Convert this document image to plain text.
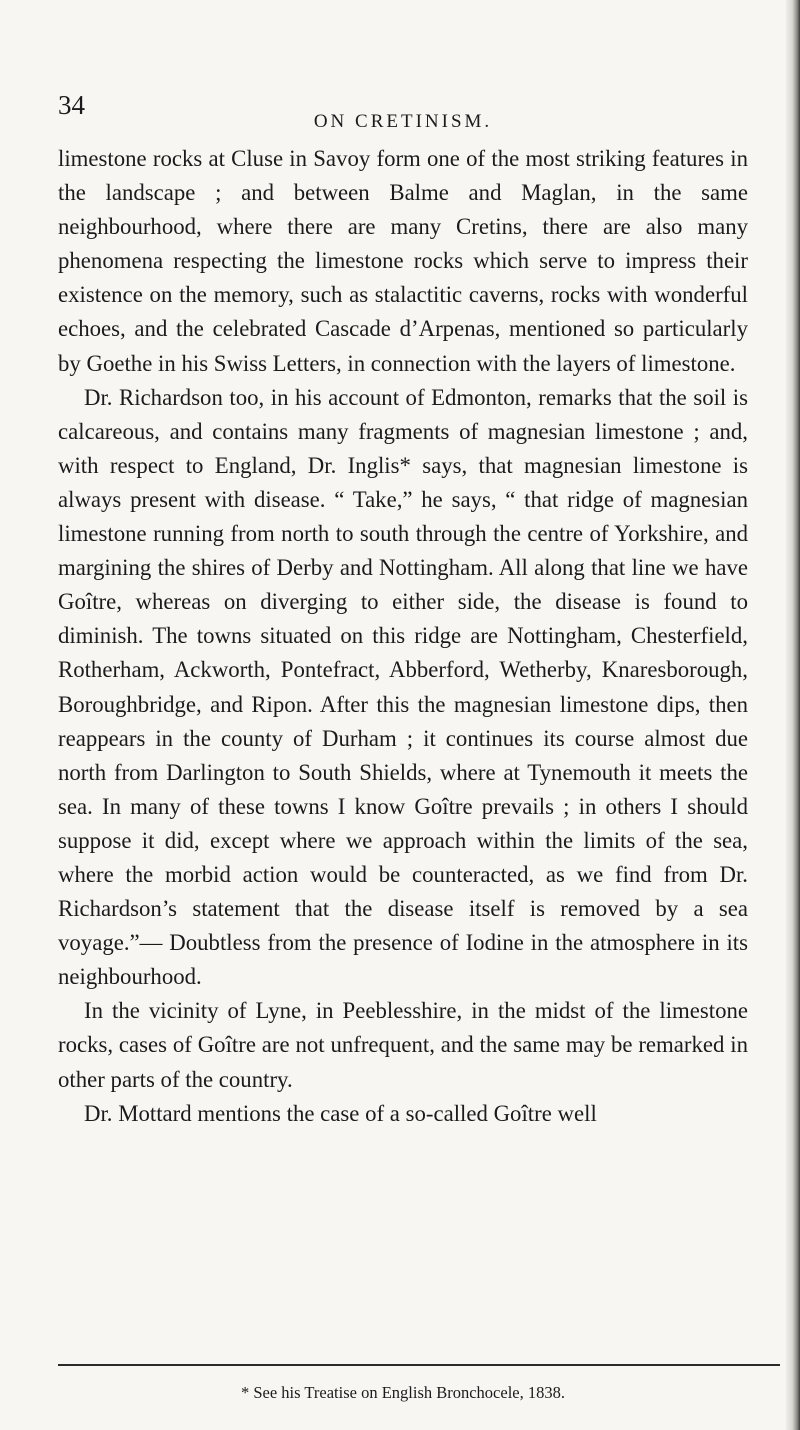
34
ON CRETINISM.

limestone rocks at Cluse in Savoy form one of the most striking features in the landscape ; and between Balme and Maglan, in the same neighbourhood, where there are many Cretins, there are also many phenomena respecting the limestone rocks which serve to impress their existence on the memory, such as stalactitic caverns, rocks with wonderful echoes, and the celebrated Cascade d’Arpenas, mentioned so particularly by Goethe in his Swiss Letters, in connection with the layers of limestone.

Dr. Richardson too, in his account of Edmonton, remarks that the soil is calcareous, and contains many fragments of magnesian limestone ; and, with respect to England, Dr. Inglis* says, that magnesian limestone is always present with disease. “ Take,” he says, “ that ridge of magnesian limestone running from north to south through the centre of Yorkshire, and margining the shires of Derby and Nottingham. All along that line we have Goître, whereas on diverging to either side, the disease is found to diminish. The towns situated on this ridge are Nottingham, Chesterfield, Rotherham, Ackworth, Pontefract, Abberford, Wetherby, Knaresborough, Boroughbridge, and Ripon. After this the magnesian limestone dips, then reappears in the county of Durham ; it continues its course almost due north from Darlington to South Shields, where at Tynemouth it meets the sea. In many of these towns I know Goître prevails ; in others I should suppose it did, except where we approach within the limits of the sea, where the morbid action would be counteracted, as we find from Dr. Richardson’s statement that the disease itself is removed by a sea voyage.”— Doubtless from the presence of Iodine in the atmosphere in its neighbourhood.

In the vicinity of Lyne, in Peeblesshire, in the midst of the limestone rocks, cases of Goître are not unfrequent, and the same may be remarked in other parts of the country.

Dr. Mottard mentions the case of a so-called Goître well

* See his Treatise on English Bronchocele, 1838.
